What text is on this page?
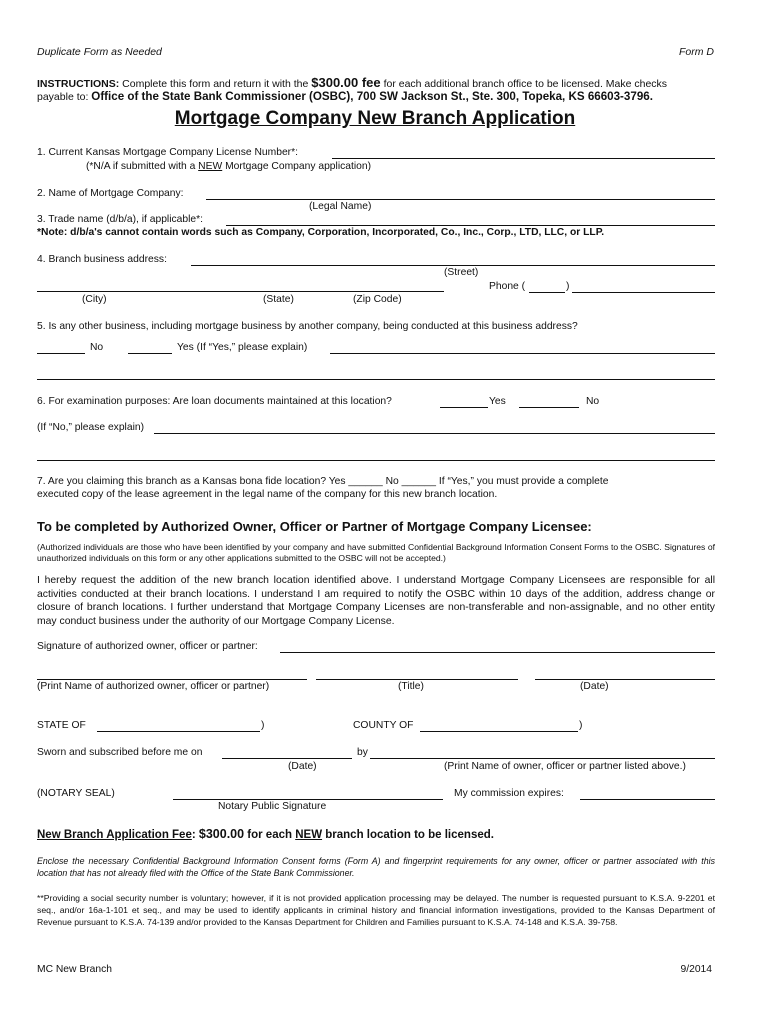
Duplicate Form as Needed	Form D
INSTRUCTIONS: Complete this form and return it with the $300.00 fee for each additional branch office to be licensed. Make checks
payable to: Office of the State Bank Commissioner (OSBC), 700 SW Jackson St., Ste. 300, Topeka, KS 66603-3796.
Mortgage Company New Branch Application
1. Current Kansas Mortgage Company License Number*:
(*N/A if submitted with a NEW Mortgage Company application)
2. Name of Mortgage Company:
(Legal Name)
3. Trade name (d/b/a), if applicable*:
*Note: d/b/a's cannot contain words such as Company, Corporation, Incorporated, Co., Inc., Corp., LTD, LLC, or LLP.
4. Branch business address:
(Street)
Phone (	)
(City)	(State)	(Zip Code)
5. Is any other business, including mortgage business by another company, being conducted at this business address?
No	Yes (If “Yes,” please explain)
6. For examination purposes: Are loan documents maintained at this location?	Yes	No
(If “No,” please explain)
7. Are you claiming this branch as a Kansas bona fide location? Yes ______ No ______ If “Yes,” you must provide a complete
executed copy of the lease agreement in the legal name of the company for this new branch location.
To be completed by Authorized Owner, Officer or Partner of Mortgage Company Licensee:
(Authorized individuals are those who have been identified by your company and have submitted Confidential Background Information Consent Forms to the OSBC. Signatures of unauthorized individuals on this form or any other applications submitted to the OSBC will not be accepted.)
I hereby request the addition of the new branch location identified above. I understand Mortgage Company Licensees are responsible for all activities conducted at their branch locations. I understand I am required to notify the OSBC within 10 days of the addition, address change or closure of branch locations. I further understand that Mortgage Company Licenses are non-transferable and non-assignable, and no other entity may conduct business under the authority of our Mortgage Company License.
Signature of authorized owner, officer or partner:
(Print Name of authorized owner, officer or partner)	(Title)	(Date)
STATE OF	)	COUNTY OF	)
Sworn and subscribed before me on	by
(Date)	(Print Name of owner, officer or partner listed above.)
(NOTARY SEAL)	My commission expires:
Notary Public Signature
New Branch Application Fee: $300.00 for each NEW branch location to be licensed.
Enclose the necessary Confidential Background Information Consent forms (Form A) and fingerprint requirements for any owner, officer or partner associated with this location that has not already filed with the Office of the State Bank Commissioner.
**Providing a social security number is voluntary; however, if it is not provided application processing may be delayed. The number is requested pursuant to K.S.A. 9-2201 et seq., and/or 16a-1-101 et seq., and may be used to identify applicants in criminal history and financial information investigations, provided to the Kansas Department of Revenue pursuant to K.S.A. 74-139 and/or provided to the Kansas Department for Children and Families pursuant to K.S.A. 74-148 and K.S.A. 39-758.
MC New Branch	9/2014
